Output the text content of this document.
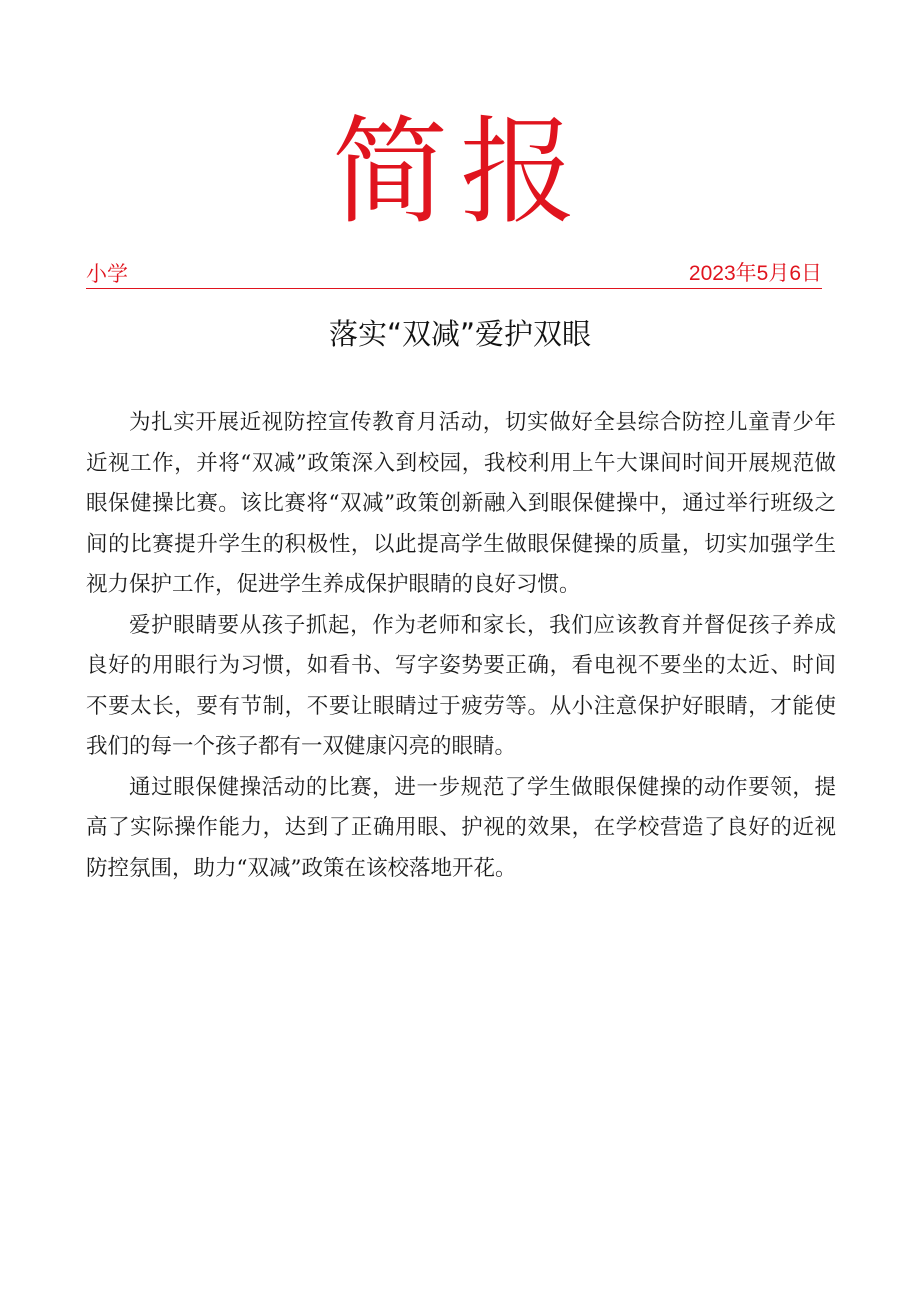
简报
小学	2023年5月6日
落实“双减”爱护双眼

为扎实开展近视防控宣传教育月活动，切实做好全县综合防控儿童青少年近视工作，并将“双减”政策深入到校园，我校利用上午大课间时间开展规范做眼保健操比赛。该比赛将“双减”政策创新融入到眼保健操中，通过举行班级之间的比赛提升学生的积极性，以此提高学生做眼保健操的质量，切实加强学生视力保护工作，促进学生养成保护眼睛的良好习惯。

爱护眼睛要从孩子抓起，作为老师和家长，我们应该教育并督促孩子养成良好的用眼行为习惯，如看书、写字姿势要正确，看电视不要坐的太近、时间不要太长，要有节制，不要让眼睛过于疲劳等。从小注意保护好眼睛，才能使我们的每一个孩子都有一双健康闪亮的眼睛。

通过眼保健操活动的比赛，进一步规范了学生做眼保健操的动作要领，提高了实际操作能力，达到了正确用眼、护视的效果，在学校营造了良好的近视防控氛围，助力“双减”政策在该校落地开花。
